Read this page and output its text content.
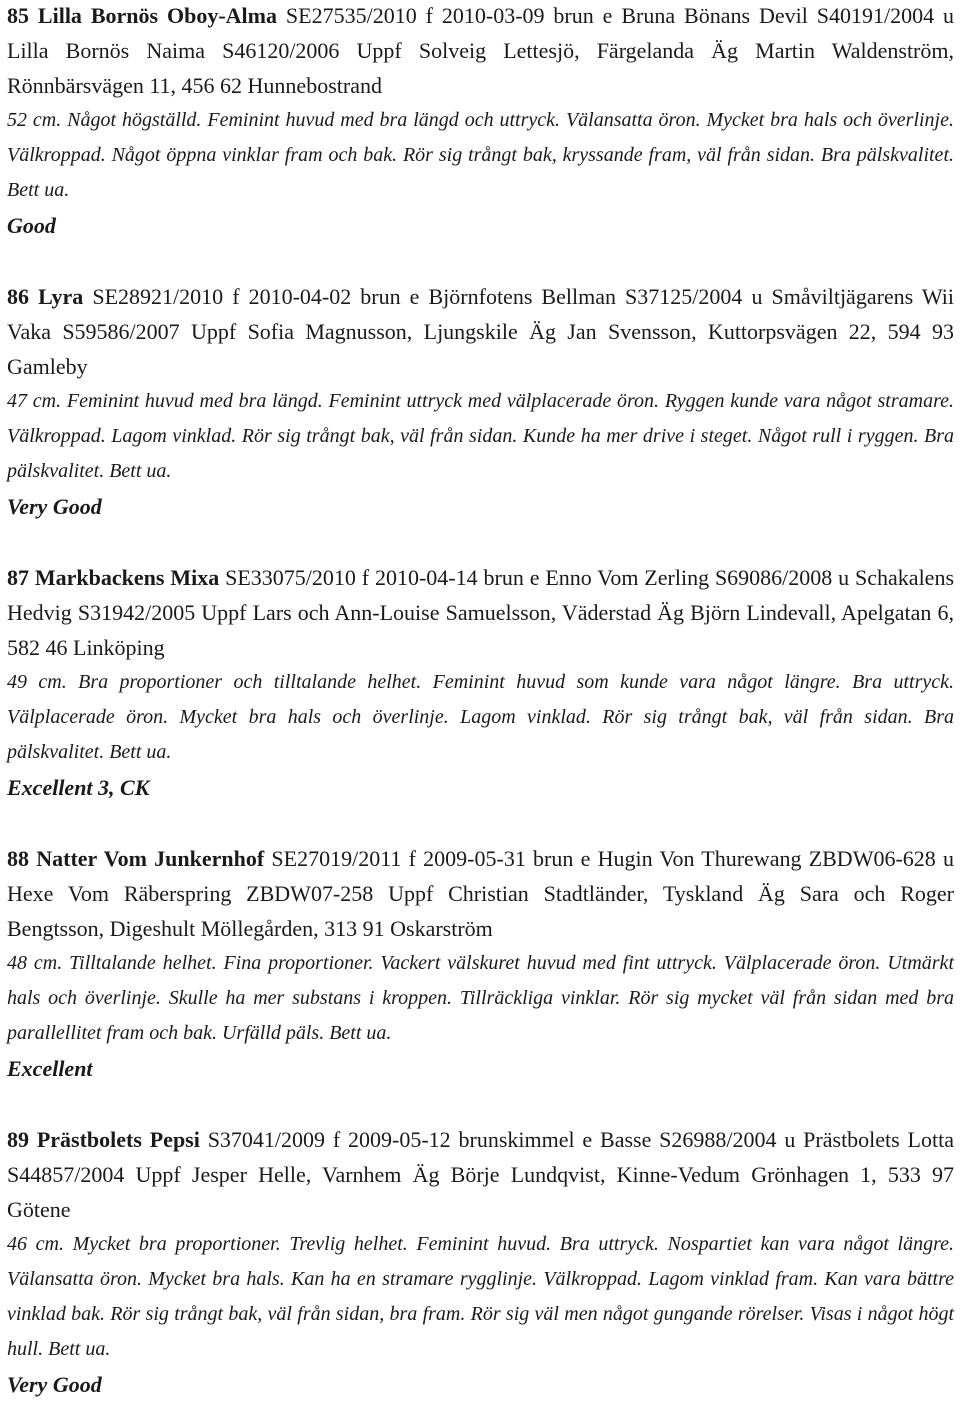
85 Lilla Bornös Oboy-Alma SE27535/2010 f 2010-03-09 brun e Bruna Bönans Devil S40191/2004 u Lilla Bornös Naima S46120/2006 Uppf Solveig Lettesjö, Färgelanda Äg Martin Waldenström, Rönnbärsvägen 11, 456 62 Hunnebostrand

52 cm. Något högställd. Feminint huvud med bra längd och uttryck. Välansatta öron. Mycket bra hals och överlinje. Välkroppad. Något öppna vinklar fram och bak. Rör sig trångt bak, kryssande fram, väl från sidan. Bra pälskvalitet. Bett ua.

Good

86 Lyra SE28921/2010 f 2010-04-02 brun e Björnfotens Bellman S37125/2004 u Småviltjägarens Wii Vaka S59586/2007 Uppf Sofia Magnusson, Ljungskile Äg Jan Svensson, Kuttorpsvägen 22, 594 93 Gamleby

47 cm. Feminint huvud med bra längd. Feminint uttryck med välplacerade öron. Ryggen kunde vara något stramare. Välkroppad. Lagom vinklad. Rör sig trångt bak, väl från sidan. Kunde ha mer drive i steget. Något rull i ryggen. Bra pälskvalitet. Bett ua.

Very Good

87 Markbackens Mixa SE33075/2010 f 2010-04-14 brun e Enno Vom Zerling S69086/2008 u Schakalens Hedvig S31942/2005 Uppf Lars och Ann-Louise Samuelsson, Väderstad Äg Björn Lindevall, Apelgatan 6, 582 46 Linköping

49 cm. Bra proportioner och tilltalande helhet. Feminint huvud som kunde vara något längre. Bra uttryck. Välplacerade öron. Mycket bra hals och överlinje. Lagom vinklad. Rör sig trångt bak, väl från sidan. Bra pälskvalitet. Bett ua.

Excellent 3, CK

88 Natter Vom Junkernhof SE27019/2011 f 2009-05-31 brun e Hugin Von Thurewang ZBDW06-628 u Hexe Vom Räberspring ZBDW07-258 Uppf Christian Stadtländer, Tyskland Äg Sara och Roger Bengtsson, Digeshult Möllegården, 313 91 Oskarström

48 cm. Tilltalande helhet. Fina proportioner. Vackert välskuret huvud med fint uttryck. Välplacerade öron. Utmärkt hals och överlinje. Skulle ha mer substans i kroppen. Tillräckliga vinklar. Rör sig mycket väl från sidan med bra parallellitet fram och bak. Urfälld päls. Bett ua.

Excellent

89 Prästbolets Pepsi S37041/2009 f 2009-05-12 brunskimmel e Basse S26988/2004 u Prästbolets Lotta S44857/2004 Uppf Jesper Helle, Varnhem Äg Börje Lundqvist, Kinne-Vedum Grönhagen 1, 533 97 Götene

46 cm. Mycket bra proportioner. Trevlig helhet. Feminint huvud. Bra uttryck. Nospartiet kan vara något längre. Välansatta öron. Mycket bra hals. Kan ha en stramare rygglinje. Välkroppad. Lagom vinklad fram. Kan vara bättre vinklad bak. Rör sig trångt bak, väl från sidan, bra fram. Rör sig väl men något gungande rörelser. Visas i något högt hull. Bett ua.

Very Good
